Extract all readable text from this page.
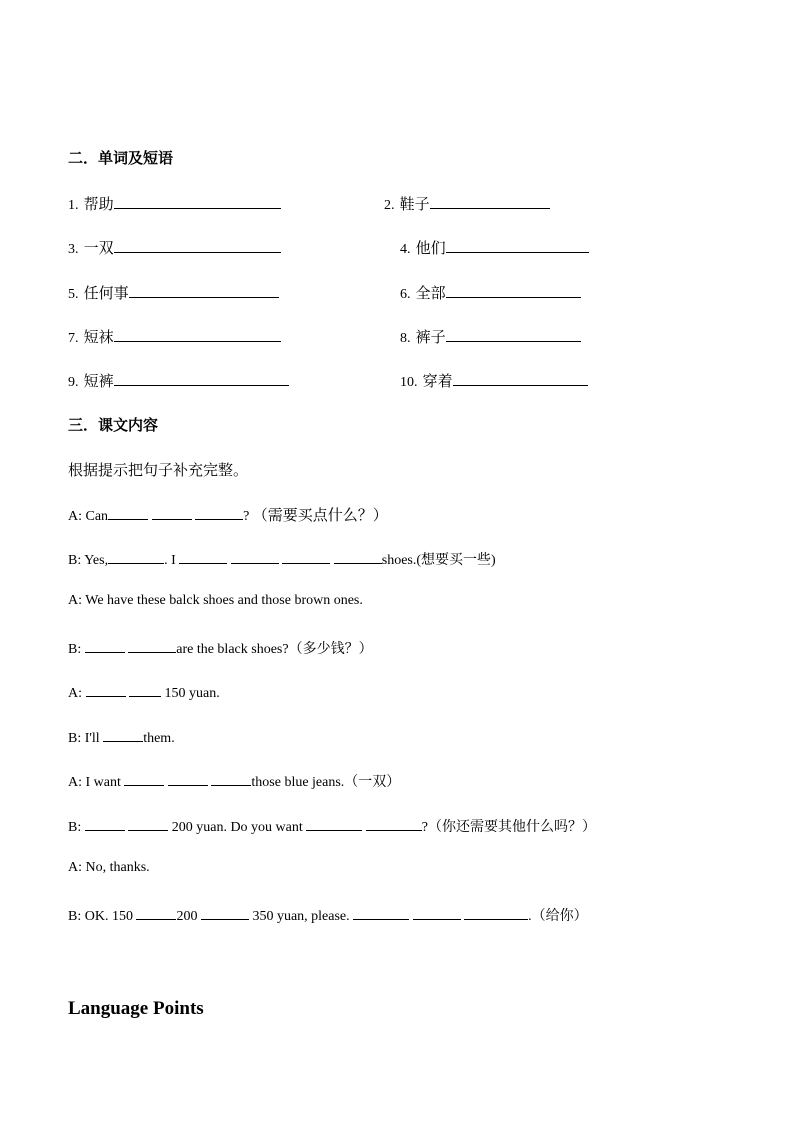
二．单词及短语
1. 帮助	2. 鞋子
3. 一双	4. 他们
5. 任何事	6. 全部
7. 短袜	8. 裤子
9. 短裤	10. 穿着
三．课文内容
根据提示把句子补充完整。
A: Can	? （需要买点什么？）
B: Yes,	. I	shoes.(想要买一些)
A: We have these balck shoes and those brown ones.
B:	are the black shoes?（多少钱？）
A:	150 yuan.
B: I'll	them.
A: I want	those blue jeans.（一双）
B:	200 yuan. Do you want	?（你还需要其他什么吗？）
A: No, thanks.
B: OK. 150	200	350 yuan, please.	.（给你）
Language Points
